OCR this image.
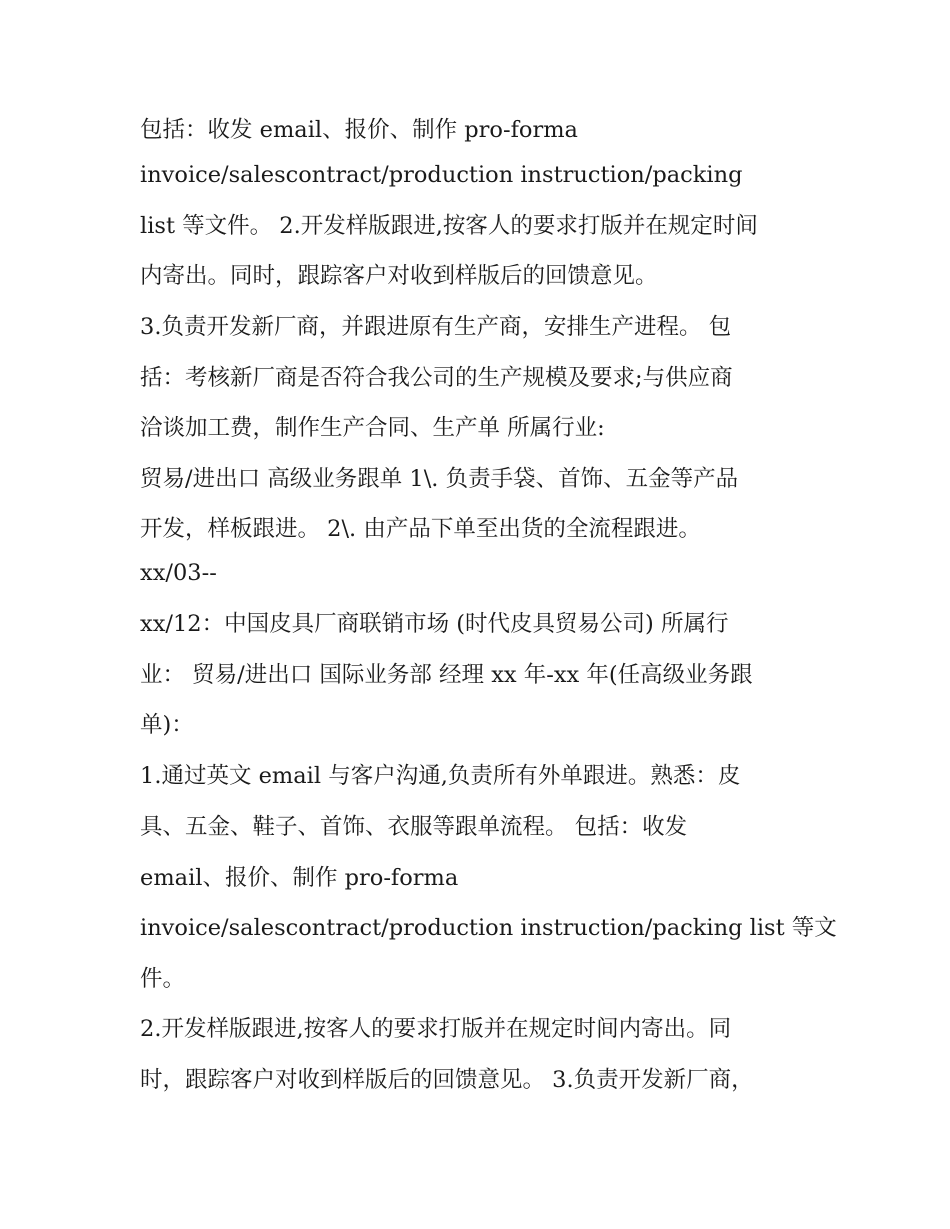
包括：收发 email、报价、制作 pro-forma
invoice/salescontract/production instruction/packing
list 等文件。 2.开发样版跟进,按客人的要求打版并在规定时间
内寄出。同时，跟踪客户对收到样版后的回馈意见。
3.负责开发新厂商，并跟进原有生产商，安排生产进程。 包
括：考核新厂商是否符合我公司的生产规模及要求;与供应商
洽谈加工费，制作生产合同、生产单 所属行业:
贸易/进出口 高级业务跟单 1\. 负责手袋、首饰、五金等产品
开发，样板跟进。 2\. 由产品下单至出货的全流程跟进。
xx/03--
xx/12：中国皮具厂商联销市场 (时代皮具贸易公司) 所属行
业： 贸易/进出口 国际业务部 经理 xx 年-xx 年(任高级业务跟
单)：
1.通过英文 email 与客户沟通,负责所有外单跟进。熟悉：皮
具、五金、鞋子、首饰、衣服等跟单流程。 包括：收发
email、报价、制作 pro-forma
invoice/salescontract/production instruction/packing list 等文
件。
2.开发样版跟进,按客人的要求打版并在规定时间内寄出。同
时，跟踪客户对收到样版后的回馈意见。 3.负责开发新厂商，
